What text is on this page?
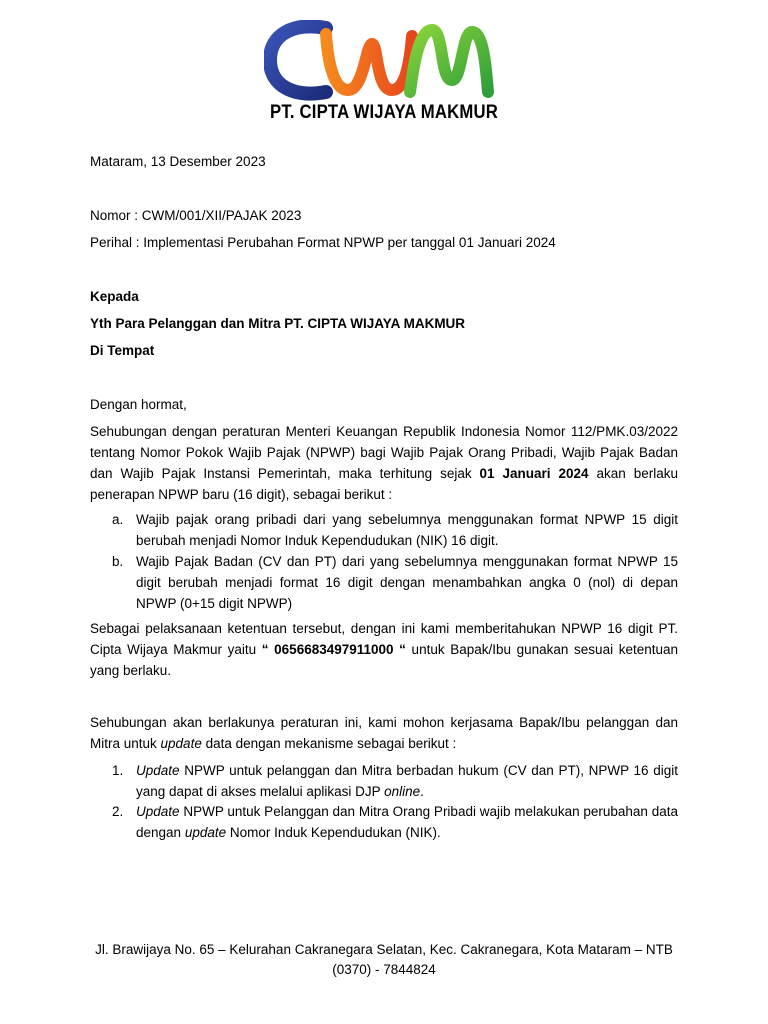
PT. CIPTA WIJAYA MAKMUR
Mataram, 13 Desember 2023
Nomor : CWM/001/XII/PAJAK 2023
Perihal : Implementasi Perubahan Format NPWP per tanggal 01 Januari 2024
Kepada
Yth Para Pelanggan dan Mitra PT. CIPTA WIJAYA MAKMUR
Di Tempat
Dengan hormat,
Sehubungan dengan peraturan Menteri Keuangan Republik Indonesia Nomor 112/PMK.03/2022 tentang Nomor Pokok Wajib Pajak (NPWP) bagi Wajib Pajak Orang Pribadi, Wajib Pajak Badan dan Wajib Pajak Instansi Pemerintah, maka terhitung sejak 01 Januari 2024 akan berlaku penerapan NPWP baru (16 digit), sebagai berikut :
a. Wajib pajak orang pribadi dari yang sebelumnya menggunakan format NPWP 15 digit berubah menjadi Nomor Induk Kependudukan (NIK) 16 digit.
b. Wajib Pajak Badan (CV dan PT) dari yang sebelumnya menggunakan format NPWP 15 digit berubah menjadi format 16 digit dengan menambahkan angka 0 (nol) di depan NPWP (0+15 digit NPWP)
Sebagai pelaksanaan ketentuan tersebut, dengan ini kami memberitahukan NPWP 16 digit PT. Cipta Wijaya Makmur yaitu “ 0656683497911000 “ untuk Bapak/Ibu gunakan sesuai ketentuan yang berlaku.
Sehubungan akan berlakunya peraturan ini, kami mohon kerjasama Bapak/Ibu pelanggan dan Mitra untuk update data dengan mekanisme sebagai berikut :
1. Update NPWP untuk pelanggan dan Mitra berbadan hukum (CV dan PT), NPWP 16 digit yang dapat di akses melalui aplikasi DJP online.
2. Update NPWP untuk Pelanggan dan Mitra Orang Pribadi wajib melakukan perubahan data dengan update Nomor Induk Kependudukan (NIK).
Jl. Brawijaya No. 65 – Kelurahan Cakranegara Selatan, Kec. Cakranegara, Kota Mataram – NTB
(0370) - 7844824
